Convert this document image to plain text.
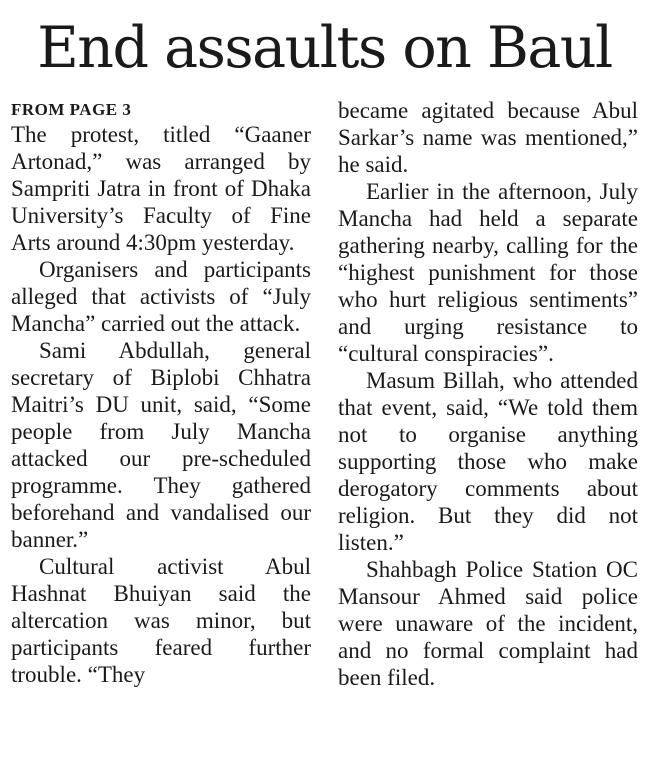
End assaults on Baul
FROM PAGE 3

The protest, titled “Gaaner Artonad,” was arranged by Sampriti Jatra in front of Dhaka University’s Faculty of Fine Arts around 4:30pm yesterday.

Organisers and participants alleged that activists of “July Mancha” carried out the attack.

Sami Abdullah, general secretary of Biplobi Chhatra Maitri’s DU unit, said, “Some people from July Mancha attacked our pre-scheduled programme. They gathered beforehand and vandalised our banner.”

Cultural activist Abul Hashnat Bhuiyan said the altercation was minor, but participants feared further trouble. “They

became agitated because Abul Sarkar’s name was mentioned,” he said.

Earlier in the afternoon, July Mancha had held a separate gathering nearby, calling for the “highest punishment for those who hurt religious sentiments” and urging resistance to “cultural conspiracies”.

Masum Billah, who attended that event, said, “We told them not to organise anything supporting those who make derogatory comments about religion. But they did not listen.”

Shahbagh Police Station OC Mansour Ahmed said police were unaware of the incident, and no formal complaint had been filed.
